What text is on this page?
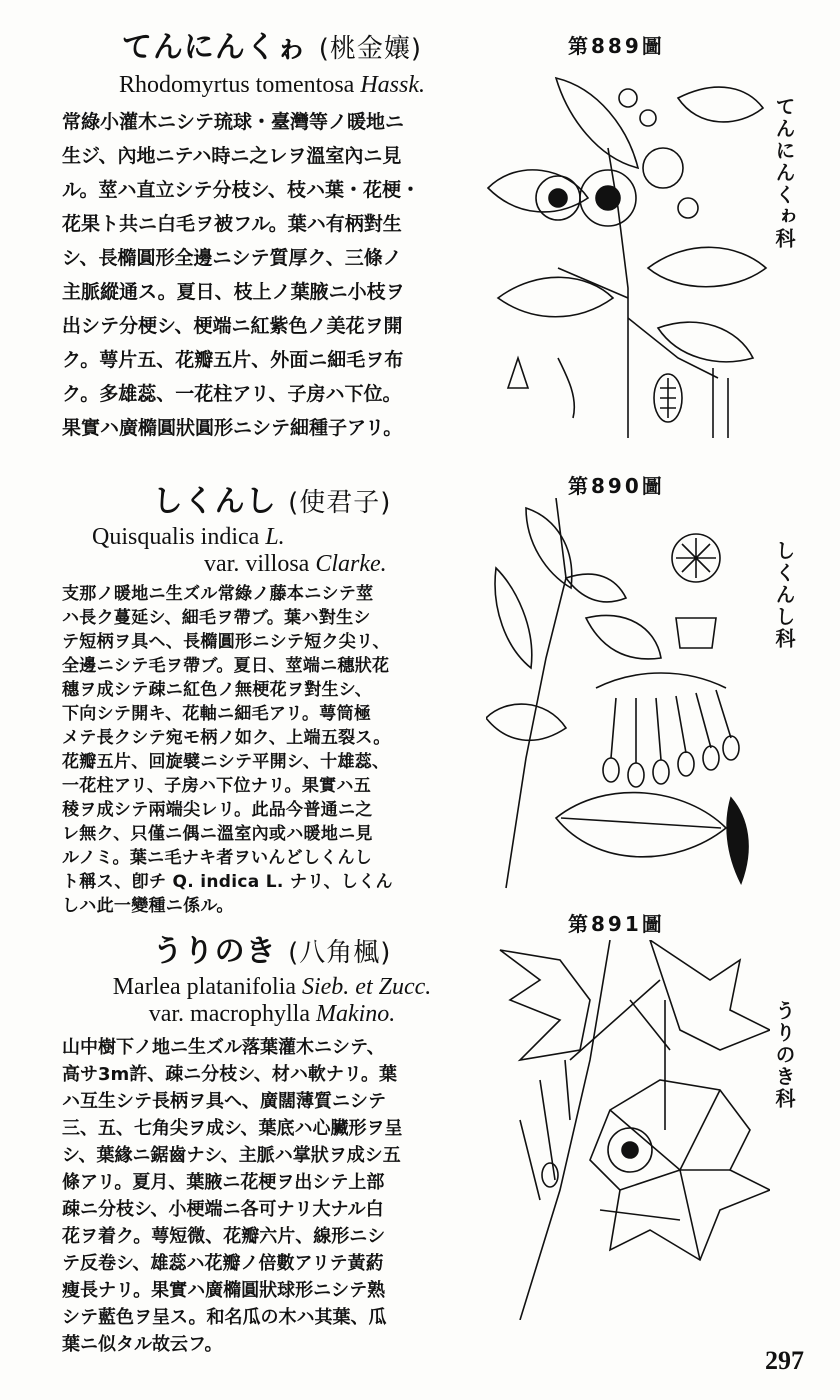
てんにんくゎ (桃金孃)
Rhodomyrtus tomentosa Hassk.
常綠小灌木ニシテ琉球・臺灣等ノ暖地ニ
生ジ、內地ニテハ時ニ之レヲ溫室內ニ見
ル。莖ハ直立シテ分枝シ、枝ハ葉・花梗・
花果ト共ニ白毛ヲ被フル。葉ハ有柄對生
シ、長橢圓形全邊ニシテ質厚ク、三條ノ
主脈縱通ス。夏日、枝上ノ葉腋ニ小枝ヲ
出シテ分梗シ、梗端ニ紅紫色ノ美花ヲ開
ク。萼片五、花瓣五片、外面ニ細毛ヲ布
ク。多雄蕊、一花柱アリ、子房ハ下位。
果實ハ廣橢圓狀圓形ニシテ細種子アリ。
第889圖
てんにんくゎ科
しくんし (使君子)
Quisqualis indica L.
var. villosa Clarke.
支那ノ暖地ニ生ズル常綠ノ藤本ニシテ莖
ハ長ク蔓延シ、細毛ヲ帶ブ。葉ハ對生シ
テ短柄ヲ具ヘ、長橢圓形ニシテ短ク尖リ、
全邊ニシテ毛ヲ帶ブ。夏日、莖端ニ穗狀花
穗ヲ成シテ疎ニ紅色ノ無梗花ヲ對生シ、
下向シテ開キ、花軸ニ細毛アリ。萼筒極
メテ長クシテ宛モ柄ノ如ク、上端五裂ス。
花瓣五片、回旋襞ニシテ平開シ、十雄蕊、
一花柱アリ、子房ハ下位ナリ。果實ハ五
稜ヲ成シテ兩端尖レリ。此品今普通ニ之
レ無ク、只僅ニ偶ニ溫室內或ハ暖地ニ見
ルノミ。葉ニ毛ナキ者ヲいんどしくんし
ト稱ス、卽チ Q. indica L. ナリ、しくん
しハ此一變種ニ係ル。
第890圖
しくんし科
うりのき (八角楓)
Marlea platanifolia Sieb. et Zucc.
var. macrophylla Makino.
山中樹下ノ地ニ生ズル落葉灌木ニシテ、
高サ3m許、疎ニ分枝シ、材ハ軟ナリ。葉
ハ互生シテ長柄ヲ具ヘ、廣闊薄質ニシテ
三、五、七角尖ヲ成シ、葉底ハ心臟形ヲ呈
シ、葉緣ニ鋸齒ナシ、主脈ハ掌狀ヲ成シ五
條アリ。夏月、葉腋ニ花梗ヲ出シテ上部
疎ニ分枝シ、小梗端ニ各可ナリ大ナル白
花ヲ着ク。萼短微、花瓣六片、線形ニシ
テ反卷シ、雄蕊ハ花瓣ノ倍數アリテ黃葯
瘦長ナリ。果實ハ廣橢圓狀球形ニシテ熟
シテ藍色ヲ呈ス。和名瓜の木ハ其葉、瓜
葉ニ似タル故云フ。
第891圖
うりのき科
297
